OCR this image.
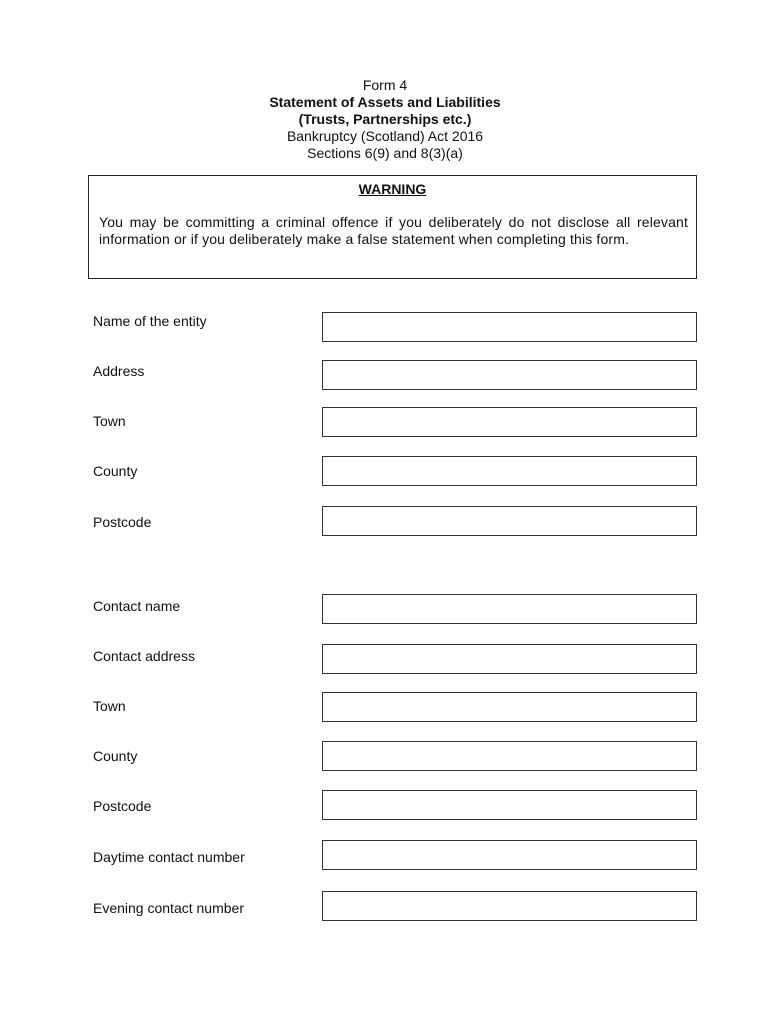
Form 4
Statement of Assets and Liabilities
(Trusts, Partnerships etc.)
Bankruptcy (Scotland) Act 2016
Sections 6(9) and 8(3)(a)
WARNING
You may be committing a criminal offence if you deliberately do not disclose all relevant information or if you deliberately make a false statement when completing this form.
Name of the entity
Address
Town
County
Postcode
Contact name
Contact address
Town
County
Postcode
Daytime contact number
Evening contact number
